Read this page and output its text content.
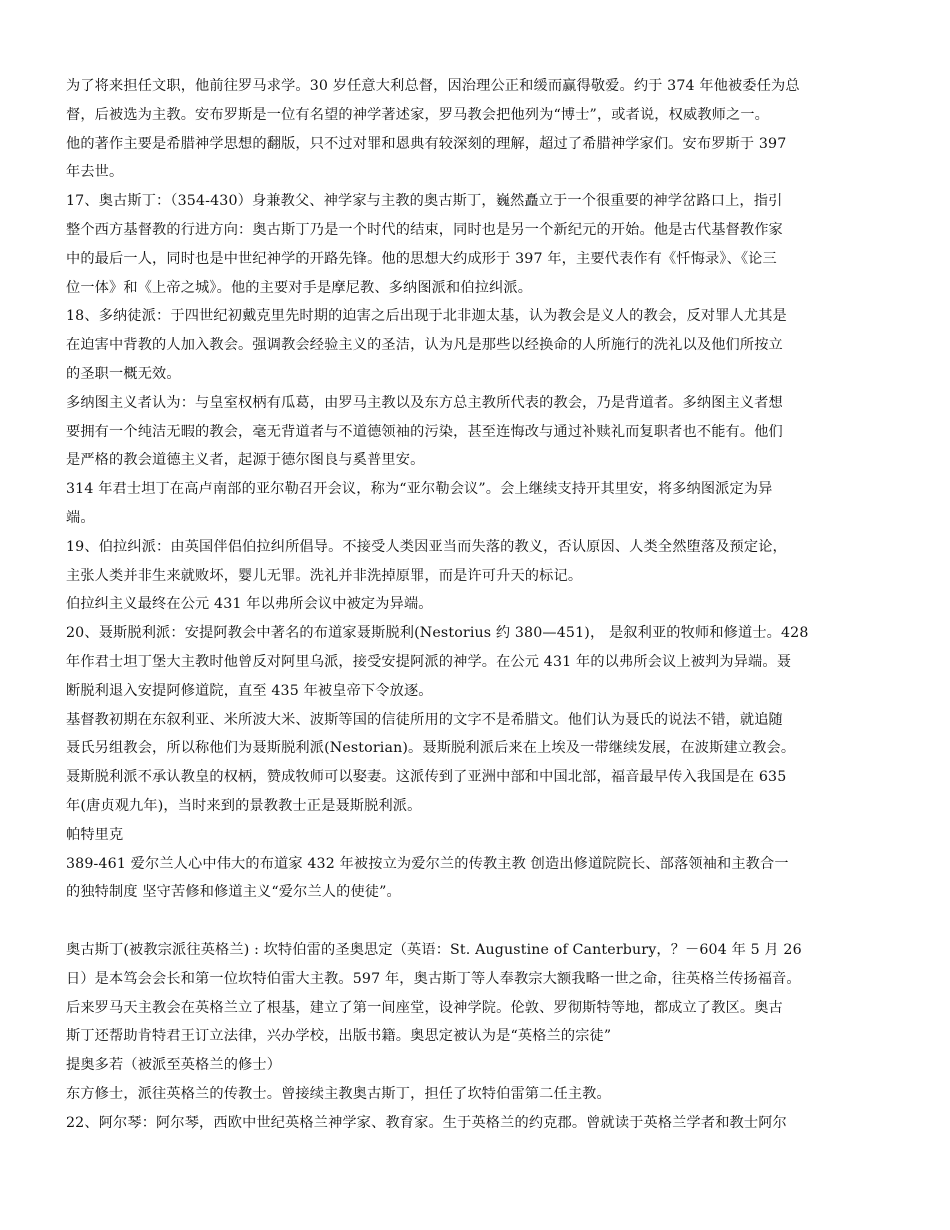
为了将来担任文职，他前往罗马求学。30 岁任意大利总督，因治理公正和缓而赢得敬爱。约于 374 年他被委任为总
督，后被选为主教。安布罗斯是一位有名望的神学著述家，罗马教会把他列为“博士”，或者说，权威教师之一。
他的著作主要是希腊神学思想的翻版，只不过对罪和恩典有较深刻的理解，超过了希腊神学家们。安布罗斯于 397
年去世。
17、奥古斯丁：（354-430）身兼教父、神学家与主教的奥古斯丁，巍然矗立于一个很重要的神学岔路口上，指引
整个西方基督教的行进方向：奥古斯丁乃是一个时代的结束，同时也是另一个新纪元的开始。他是古代基督教作家
中的最后一人，同时也是中世纪神学的开路先锋。他的思想大约成形于 397 年，主要代表作有《忏悔录》、《论三
位一体》和《上帝之城》。他的主要对手是摩尼教、多纳图派和伯拉纠派。
18、多纳徒派：于四世纪初戴克里先时期的迫害之后出现于北非迦太基，认为教会是义人的教会，反对罪人尤其是
在迫害中背教的人加入教会。强调教会经验主义的圣洁，认为凡是那些以经换命的人所施行的洗礼以及他们所按立
的圣职一概无效。
多纳图主义者认为：与皇室权柄有瓜葛，由罗马主教以及东方总主教所代表的教会，乃是背道者。多纳图主义者想
要拥有一个纯洁无暇的教会，毫无背道者与不道德领袖的污染，甚至连悔改与通过补赎礼而复职者也不能有。他们
是严格的教会道德主义者，起源于德尔图良与奚普里安。
314 年君士坦丁在高卢南部的亚尔勒召开会议，称为“亚尔勒会议”。会上继续支持开其里安，将多纳图派定为异
端。
19、伯拉纠派：由英国伴侣伯拉纠所倡导。不接受人类因亚当而失落的教义，否认原因、人类全然堕落及预定论，
主张人类并非生来就败坏，婴儿无罪。洗礼并非洗掉原罪，而是许可升天的标记。
伯拉纠主义最终在公元 431 年以弗所会议中被定为异端。
20、聂斯脱利派：安提阿教会中著名的布道家聂斯脱利(Nestorius 约 380—451)， 是叙利亚的牧师和修道士。428
年作君士坦丁堡大主教时他曾反对阿里乌派，接受安提阿派的神学。在公元 431 年的以弗所会议上被判为异端。聂
断脱利退入安提阿修道院，直至 435 年被皇帝下令放逐。
基督教初期在东叙利亚、米所波大米、波斯等国的信徒所用的文字不是希腊文。他们认为聂氏的说法不错，就追随
聂氏另组教会，所以称他们为聂斯脱利派(Nestorian)。聂斯脱利派后来在上埃及一带继续发展，在波斯建立教会。
聂斯脱利派不承认教皇的权柄，赞成牧师可以娶妻。这派传到了亚洲中部和中国北部，福音最早传入我国是在 635
年(唐贞观九年)，当时来到的景教教士正是聂斯脱利派。
帕特里克
389-461 爱尔兰人心中伟大的布道家 432 年被按立为爱尔兰的传教主教 创造出修道院院长、部落领袖和主教合一
的独特制度 坚守苦修和修道主义“爱尔兰人的使徒”。
奥古斯丁(被教宗派往英格兰) : 坎特伯雷的圣奥思定（英语：St. Augustine of Canterbury，？－604 年 5 月 26
日）是本笃会会长和第一位坎特伯雷大主教。597 年，奥古斯丁等人奉教宗大额我略一世之命，往英格兰传扬福音。
后来罗马天主教会在英格兰立了根基，建立了第一间座堂，设神学院。伦敦、罗彻斯特等地，都成立了教区。奥古
斯丁还帮助肯特君王订立法律，兴办学校，出版书籍。奥思定被认为是“英格兰的宗徒”
提奥多若（被派至英格兰的修士）
东方修士，派往英格兰的传教士。曾接续主教奥古斯丁，担任了坎特伯雷第二任主教。
22、阿尔琴：阿尔琴，西欧中世纪英格兰神学家、教育家。生于英格兰的约克郡。曾就读于英格兰学者和教士阿尔
